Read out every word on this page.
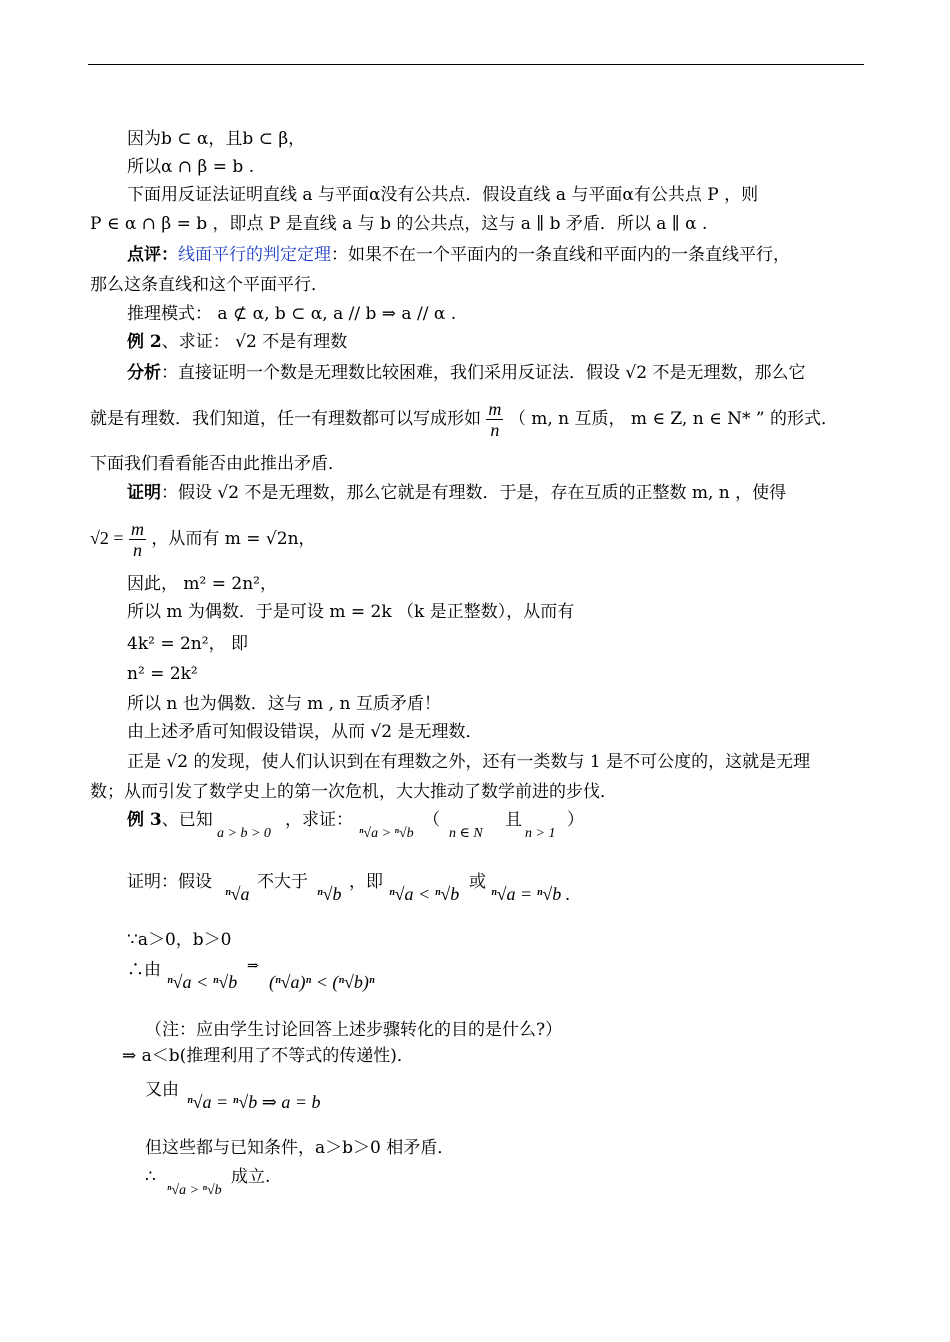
因为b ⊂ α，且b ⊂ β，
所以α ∩ β = b .
下面用反证法证明直线 a 与平面α没有公共点．假设直线 a 与平面α有公共点 P ，则
P ∈ α ∩ β = b ，即点 P 是直线 a 与 b 的公共点，这与 a ∥ b 矛盾．所以 a ∥ α .
点评：线面平行的判定定理：如果不在一个平面内的一条直线和平面内的一条直线平行，
那么这条直线和这个平面平行．
推理模式： a ⊄ α, b ⊂ α, a // b ⇒ a // α .
例 2、求证： √2 不是有理数
分析：直接证明一个数是无理数比较困难，我们采用反证法．假设 √2 不是无理数，那么它
就是有理数．我们知道，任一有理数都可以写成形如 $\frac{m}{n}$ （ m, n 互质， m ∈ Z, n ∈ N* ” 的形式．
下面我们看看能否由此推出矛盾．
证明：假设 √2 不是无理数，那么它就是有理数．于是，存在互质的正整数 m, n ，使得
$√2 = \frac{m}{n}$ ，从而有 m = √2n，
因此， m² = 2n²，
所以 m 为偶数．于是可设 m = 2k （k 是正整数），从而有
4k² = 2n²， 即
n² = 2k²
所以 n 也为偶数．这与 m , n 互质矛盾！
由上述矛盾可知假设错误，从而 √2 是无理数．
正是 √2 的发现，使人们认识到在有理数之外，还有一类数与 1 是不可公度的，这就是无理
数；从而引发了数学史上的第一次危机，大大推动了数学前进的步伐．
例 3、已知
a > b > 0
，求证：
ⁿ√a > ⁿ√b
（
n ∈ N
且
n > 1
）
证明：假设
ⁿ√a
不大于
ⁿ√b
，即
ⁿ√a < ⁿ√b
或
ⁿ√a = ⁿ√b .
∵a＞0，b＞0
∴由
ⁿ√a < ⁿ√b
⇒
(ⁿ√a)ⁿ < (ⁿ√b)ⁿ
（注：应由学生讨论回答上述步骤转化的目的是什么?）
⇒ a＜b(推理利用了不等式的传递性)．
又由
ⁿ√a = ⁿ√b ⇒ a = b
但这些都与已知条件，a＞b＞0 相矛盾．
∴
ⁿ√a > ⁿ√b
成立.
